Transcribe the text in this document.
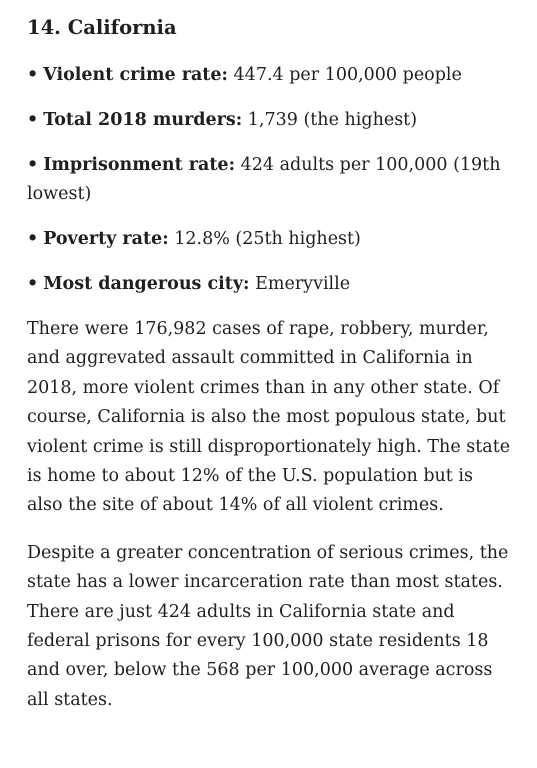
14. California
• Violent crime rate: 447.4 per 100,000 people
• Total 2018 murders: 1,739 (the highest)
• Imprisonment rate: 424 adults per 100,000 (19th lowest)
• Poverty rate: 12.8% (25th highest)
• Most dangerous city: Emeryville

There were 176,982 cases of rape, robbery, murder, and aggrevated assault committed in California in 2018, more violent crimes than in any other state. Of course, California is also the most populous state, but violent crime is still disproportionately high. The state is home to about 12% of the U.S. population but is also the site of about 14% of all violent crimes.

Despite a greater concentration of serious crimes, the state has a lower incarceration rate than most states. There are just 424 adults in California state and federal prisons for every 100,000 state residents 18 and over, below the 568 per 100,000 average across all states.
